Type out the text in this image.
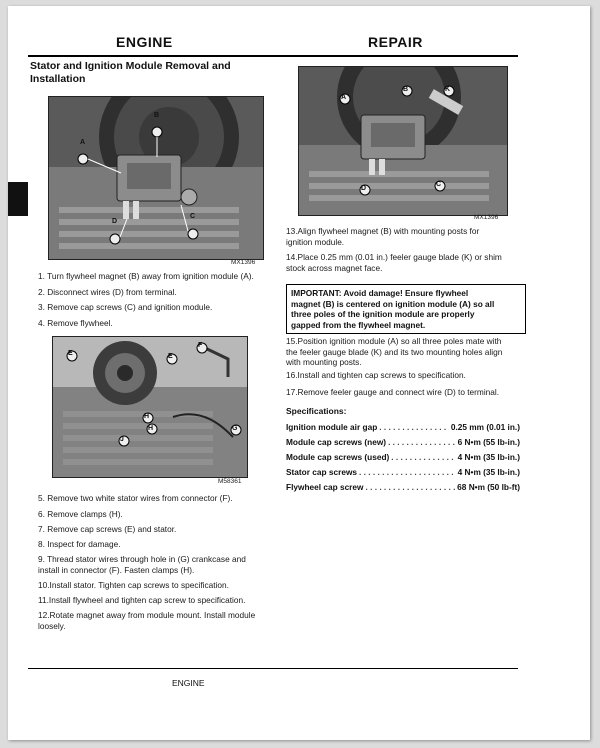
ENGINE	REPAIR

Stator and Ignition Module Removal and
Installation

A
B
C
D
MX1396
1. Turn flywheel magnet (B) away from ignition module (A).
2. Disconnect wires (D) from terminal.
3. Remove cap screws (C) and ignition module.
4. Remove flywheel.
E	E
F
G
H
H
J
M58361
5. Remove two white stator wires from connector (F).
6. Remove clamps (H).
7. Remove cap screws (E) and stator.
8. Inspect for damage.
9. Thread stator wires through hole in (G) crankcase and
install in connector (F). Fasten clamps (H).
10.Install stator. Tighten cap screws to specification.
11.Install flywheel and tighten cap screw to specification.
12.Rotate magnet away from module mount. Install module
loosely.
A
B	K
C
D
MX1396
13.Align flywheel magnet (B) with mounting posts for
ignition module.
14.Place 0.25 mm (0.01 in.) feeler gauge blade (K) or shim
stock across magnet face.
IMPORTANT: Avoid damage! Ensure flywheel
magnet (B) is centered on ignition module (A) so all
three poles of the ignition module are properly
gapped from the flywheel magnet.
15.Position ignition module (A) so all three poles mate with
the feeler gauge blade (K) and its two mounting holes align
with mounting posts.
16.Install and tighten cap screws to specification.
17.Remove feeler gauge and connect wire (D) to terminal.
Specifications:
Ignition module air gap . . .	0.25 mm (0.01 in.)
Module cap screws (new) . . .	6 N•m (55 lb-in.)
Module cap screws (used) . . .	4 N•m (35 lb-in.)
Stator cap screws . . .	4 N•m (35 lb-in.)
Flywheel cap screw . . .	68 N•m (50 lb-ft)
ENGINE
